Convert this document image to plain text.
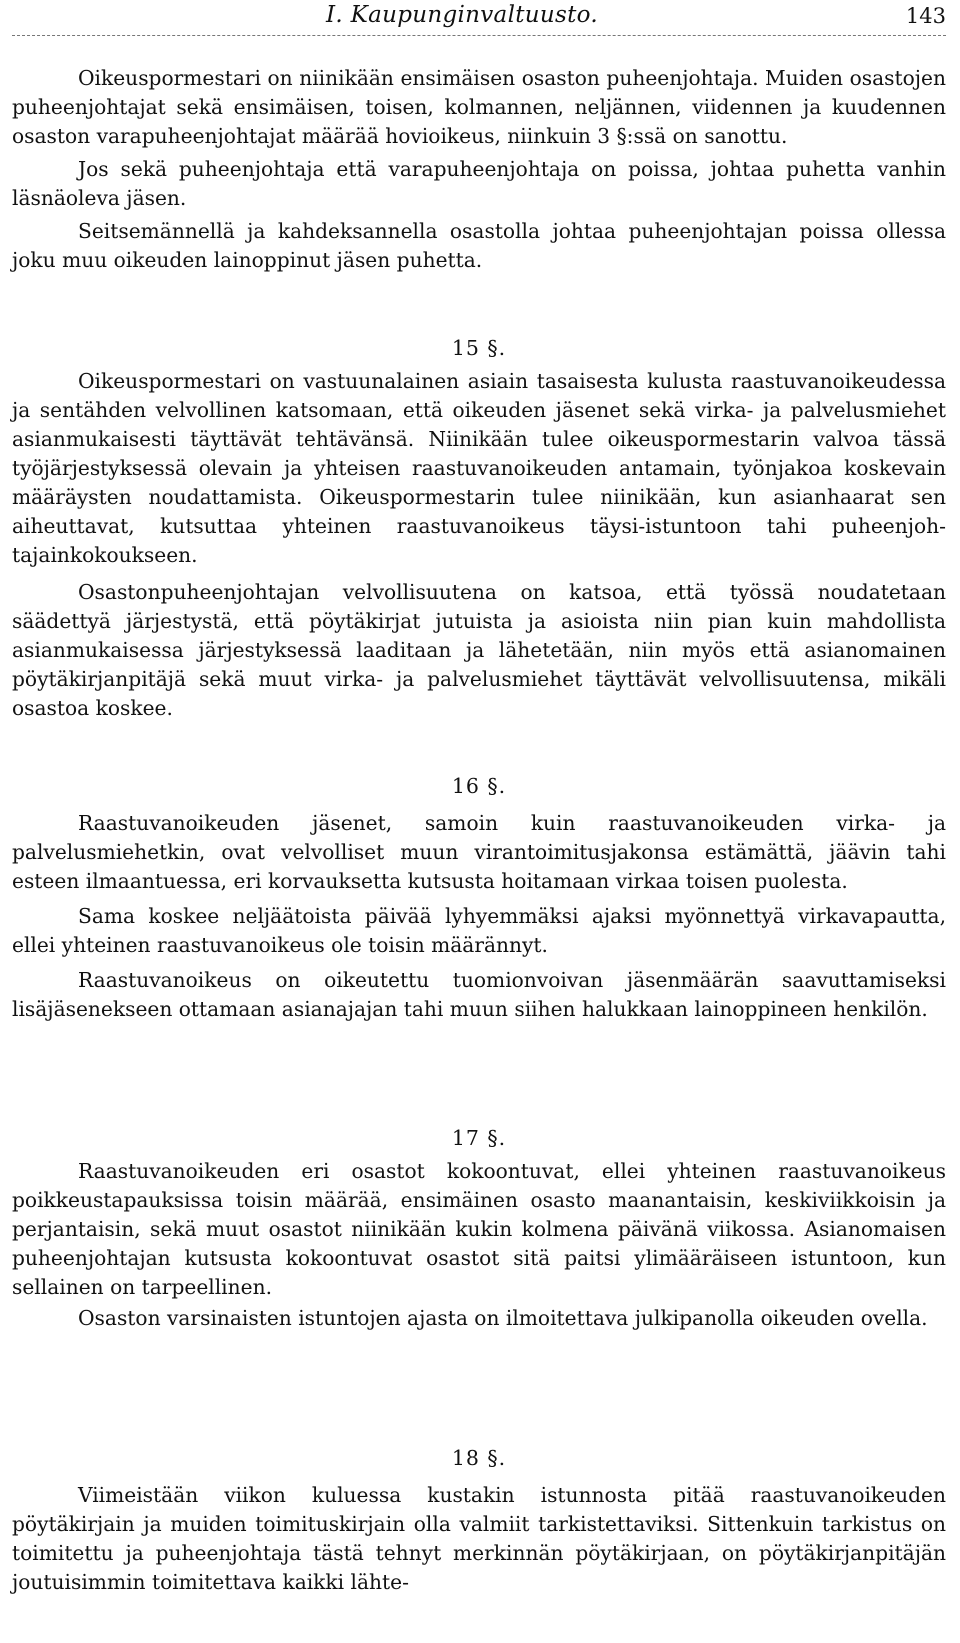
I. Kaupunginvaltuusto.	143

Oikeuspormestari on niinikään ensimäisen osaston puheenjohtaja. Muiden osastojen puheenjohtajat sekä ensimäisen, toisen, kolmannen, neljännen, viidennen ja kuudennen osaston varapuheenjohtajat määrää hovioikeus, niinkuin 3 §:ssä on sanottu.

Jos sekä puheenjohtaja että varapuheenjohtaja on poissa, johtaa puhetta vanhin läsnäoleva jäsen.

Seitsemännellä ja kahdeksannella osastolla johtaa puheenjohtajan poissa ollessa joku muu oikeuden lainoppinut jäsen puhetta.

15 §.

Oikeuspormestari on vastuunalainen asiain tasaisesta kulusta raastuvanoikeudessa ja sentähden velvollinen katsomaan, että oikeuden jäsenet sekä virka- ja palvelusmiehet asianmukaisesti täyttävät tehtävänsä. Niinikään tulee oikeuspormestarin valvoa tässä työjärjestyksessä olevain ja yhteisen raastuvanoikeuden antamain, työnjakoa koskevain määräysten noudattamista. Oikeuspormestarin tulee niinikään, kun asianhaarat sen aiheuttavat, kutsuttaa yhteinen raastuvanoikeus täysi-istuntoon tahi puheenjohtajainkokoukseen.

Osastonpuheenjohtajan velvollisuutena on katsoa, että työssä noudatetaan säädettyä järjestystä, että pöytäkirjat jutuista ja asioista niin pian kuin mahdollista asianmukaisessa järjestyksessä laaditaan ja lähetetään, niin myös että asianomainen pöytäkirjanpitäjä sekä muut virka- ja palvelusmiehet täyttävät velvollisuutensa, mikäli osastoa koskee.

16 §.

Raastuvanoikeuden jäsenet, samoin kuin raastuvanoikeuden virka- ja palvelusmiehetkin, ovat velvolliset muun virantoimitusjakonsa estämättä, jäävin tahi esteen ilmaantuessa, eri korvauksetta kutsusta hoitamaan virkaa toisen puolesta.

Sama koskee neljäätoista päivää lyhyemmäksi ajaksi myönnettyä virkavapautta, ellei yhteinen raastuvanoikeus ole toisin määrännyt.

Raastuvanoikeus on oikeutettu tuomionvoivan jäsenmäärän saavuttamiseksi lisäjäsenekseen ottamaan asianajajan tahi muun siihen halukkaan lainoppineen henkilön.

17 §.

Raastuvanoikeuden eri osastot kokoontuvat, ellei yhteinen raastuvanoikeus poikkeustapauksissa toisin määrää, ensimäinen osasto maanantaisin, keskiviikkoisin ja perjantaisin, sekä muut osastot niinikään kukin kolmena päivänä viikossa. Asianomaisen puheenjohtajan kutsusta kokoontuvat osastot sitä paitsi ylimääräiseen istuntoon, kun sellainen on tarpeellinen.

Osaston varsinaisten istuntojen ajasta on ilmoitettava julkipanolla oikeuden ovella.

18 §.

Viimeistään viikon kuluessa kustakin istunnosta pitää raastuvanoikeuden pöytäkirjain ja muiden toimituskirjain olla valmiit tarkistettaviksi. Sittenkuin tarkistus on toimitettu ja puheenjohtaja tästä tehnyt merkinnän pöytäkirjaan, on pöytäkirjanpitäjän joutuisimmin toimitettava kaikki lähte-
